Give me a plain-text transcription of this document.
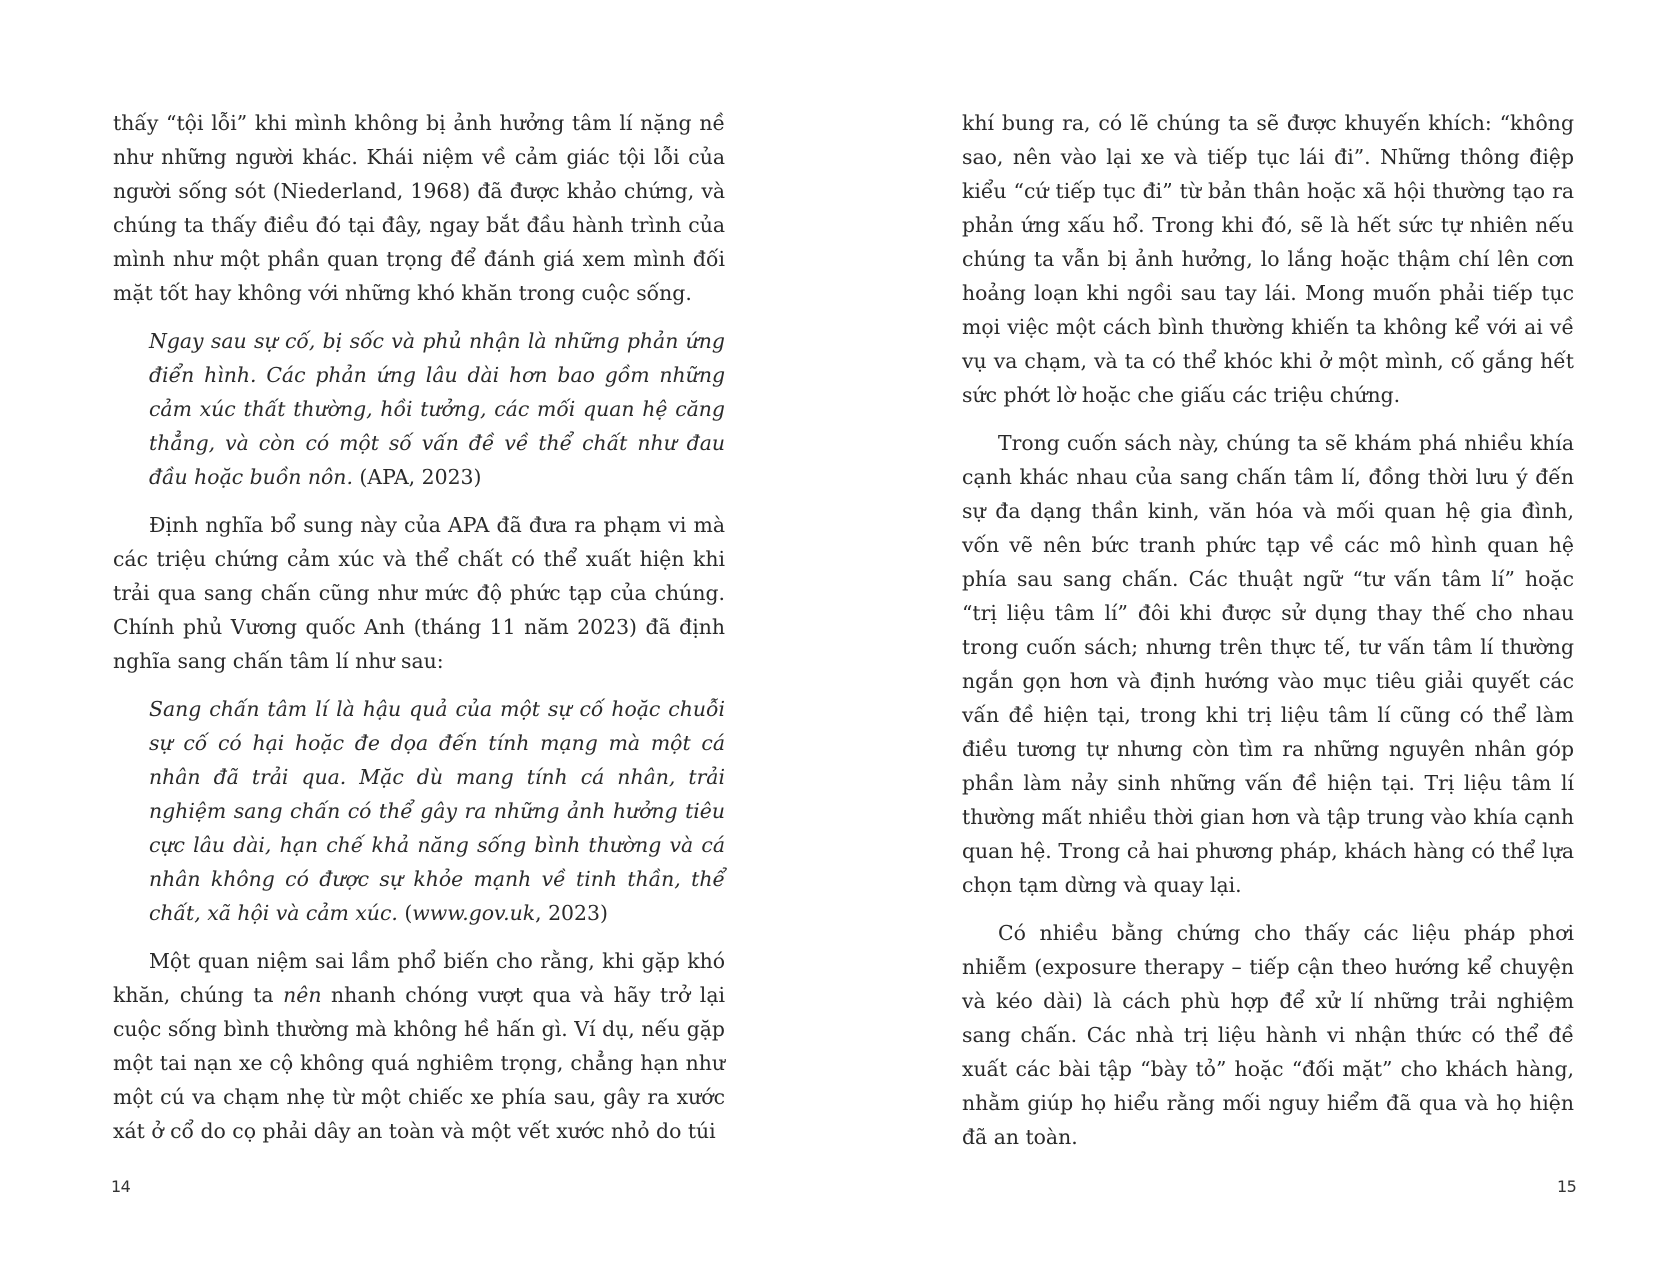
thấy “tội lỗi” khi mình không bị ảnh hưởng tâm lí nặng nề như những người khác. Khái niệm về cảm giác tội lỗi của người sống sót (Niederland, 1968) đã được khảo chứng, và chúng ta thấy điều đó tại đây, ngay bắt đầu hành trình của mình như một phần quan trọng để đánh giá xem mình đối mặt tốt hay không với những khó khăn trong cuộc sống.

Ngay sau sự cố, bị sốc và phủ nhận là những phản ứng điển hình. Các phản ứng lâu dài hơn bao gồm những cảm xúc thất thường, hồi tưởng, các mối quan hệ căng thẳng, và còn có một số vấn đề về thể chất như đau đầu hoặc buồn nôn. (APA, 2023)

Định nghĩa bổ sung này của APA đã đưa ra phạm vi mà các triệu chứng cảm xúc và thể chất có thể xuất hiện khi trải qua sang chấn cũng như mức độ phức tạp của chúng. Chính phủ Vương quốc Anh (tháng 11 năm 2023) đã định nghĩa sang chấn tâm lí như sau:

Sang chấn tâm lí là hậu quả của một sự cố hoặc chuỗi sự cố có hại hoặc đe dọa đến tính mạng mà một cá nhân đã trải qua. Mặc dù mang tính cá nhân, trải nghiệm sang chấn có thể gây ra những ảnh hưởng tiêu cực lâu dài, hạn chế khả năng sống bình thường và cá nhân không có được sự khỏe mạnh về tinh thần, thể chất, xã hội và cảm xúc. (www.gov.uk, 2023)

Một quan niệm sai lầm phổ biến cho rằng, khi gặp khó khăn, chúng ta nên nhanh chóng vượt qua và hãy trở lại cuộc sống bình thường mà không hề hấn gì. Ví dụ, nếu gặp một tai nạn xe cộ không quá nghiêm trọng, chẳng hạn như một cú va chạm nhẹ từ một chiếc xe phía sau, gây ra xước xát ở cổ do cọ phải dây an toàn và một vết xước nhỏ do túi

14

khí bung ra, có lẽ chúng ta sẽ được khuyến khích: “không sao, nên vào lại xe và tiếp tục lái đi”. Những thông điệp kiểu “cứ tiếp tục đi” từ bản thân hoặc xã hội thường tạo ra phản ứng xấu hổ. Trong khi đó, sẽ là hết sức tự nhiên nếu chúng ta vẫn bị ảnh hưởng, lo lắng hoặc thậm chí lên cơn hoảng loạn khi ngồi sau tay lái. Mong muốn phải tiếp tục mọi việc một cách bình thường khiến ta không kể với ai về vụ va chạm, và ta có thể khóc khi ở một mình, cố gắng hết sức phớt lờ hoặc che giấu các triệu chứng.

Trong cuốn sách này, chúng ta sẽ khám phá nhiều khía cạnh khác nhau của sang chấn tâm lí, đồng thời lưu ý đến sự đa dạng thần kinh, văn hóa và mối quan hệ gia đình, vốn vẽ nên bức tranh phức tạp về các mô hình quan hệ phía sau sang chấn. Các thuật ngữ “tư vấn tâm lí” hoặc “trị liệu tâm lí” đôi khi được sử dụng thay thế cho nhau trong cuốn sách; nhưng trên thực tế, tư vấn tâm lí thường ngắn gọn hơn và định hướng vào mục tiêu giải quyết các vấn đề hiện tại, trong khi trị liệu tâm lí cũng có thể làm điều tương tự nhưng còn tìm ra những nguyên nhân góp phần làm nảy sinh những vấn đề hiện tại. Trị liệu tâm lí thường mất nhiều thời gian hơn và tập trung vào khía cạnh quan hệ. Trong cả hai phương pháp, khách hàng có thể lựa chọn tạm dừng và quay lại.

Có nhiều bằng chứng cho thấy các liệu pháp phơi nhiễm (exposure therapy – tiếp cận theo hướng kể chuyện và kéo dài) là cách phù hợp để xử lí những trải nghiệm sang chấn. Các nhà trị liệu hành vi nhận thức có thể đề xuất các bài tập “bày tỏ” hoặc “đối mặt” cho khách hàng, nhằm giúp họ hiểu rằng mối nguy hiểm đã qua và họ hiện đã an toàn.

15
